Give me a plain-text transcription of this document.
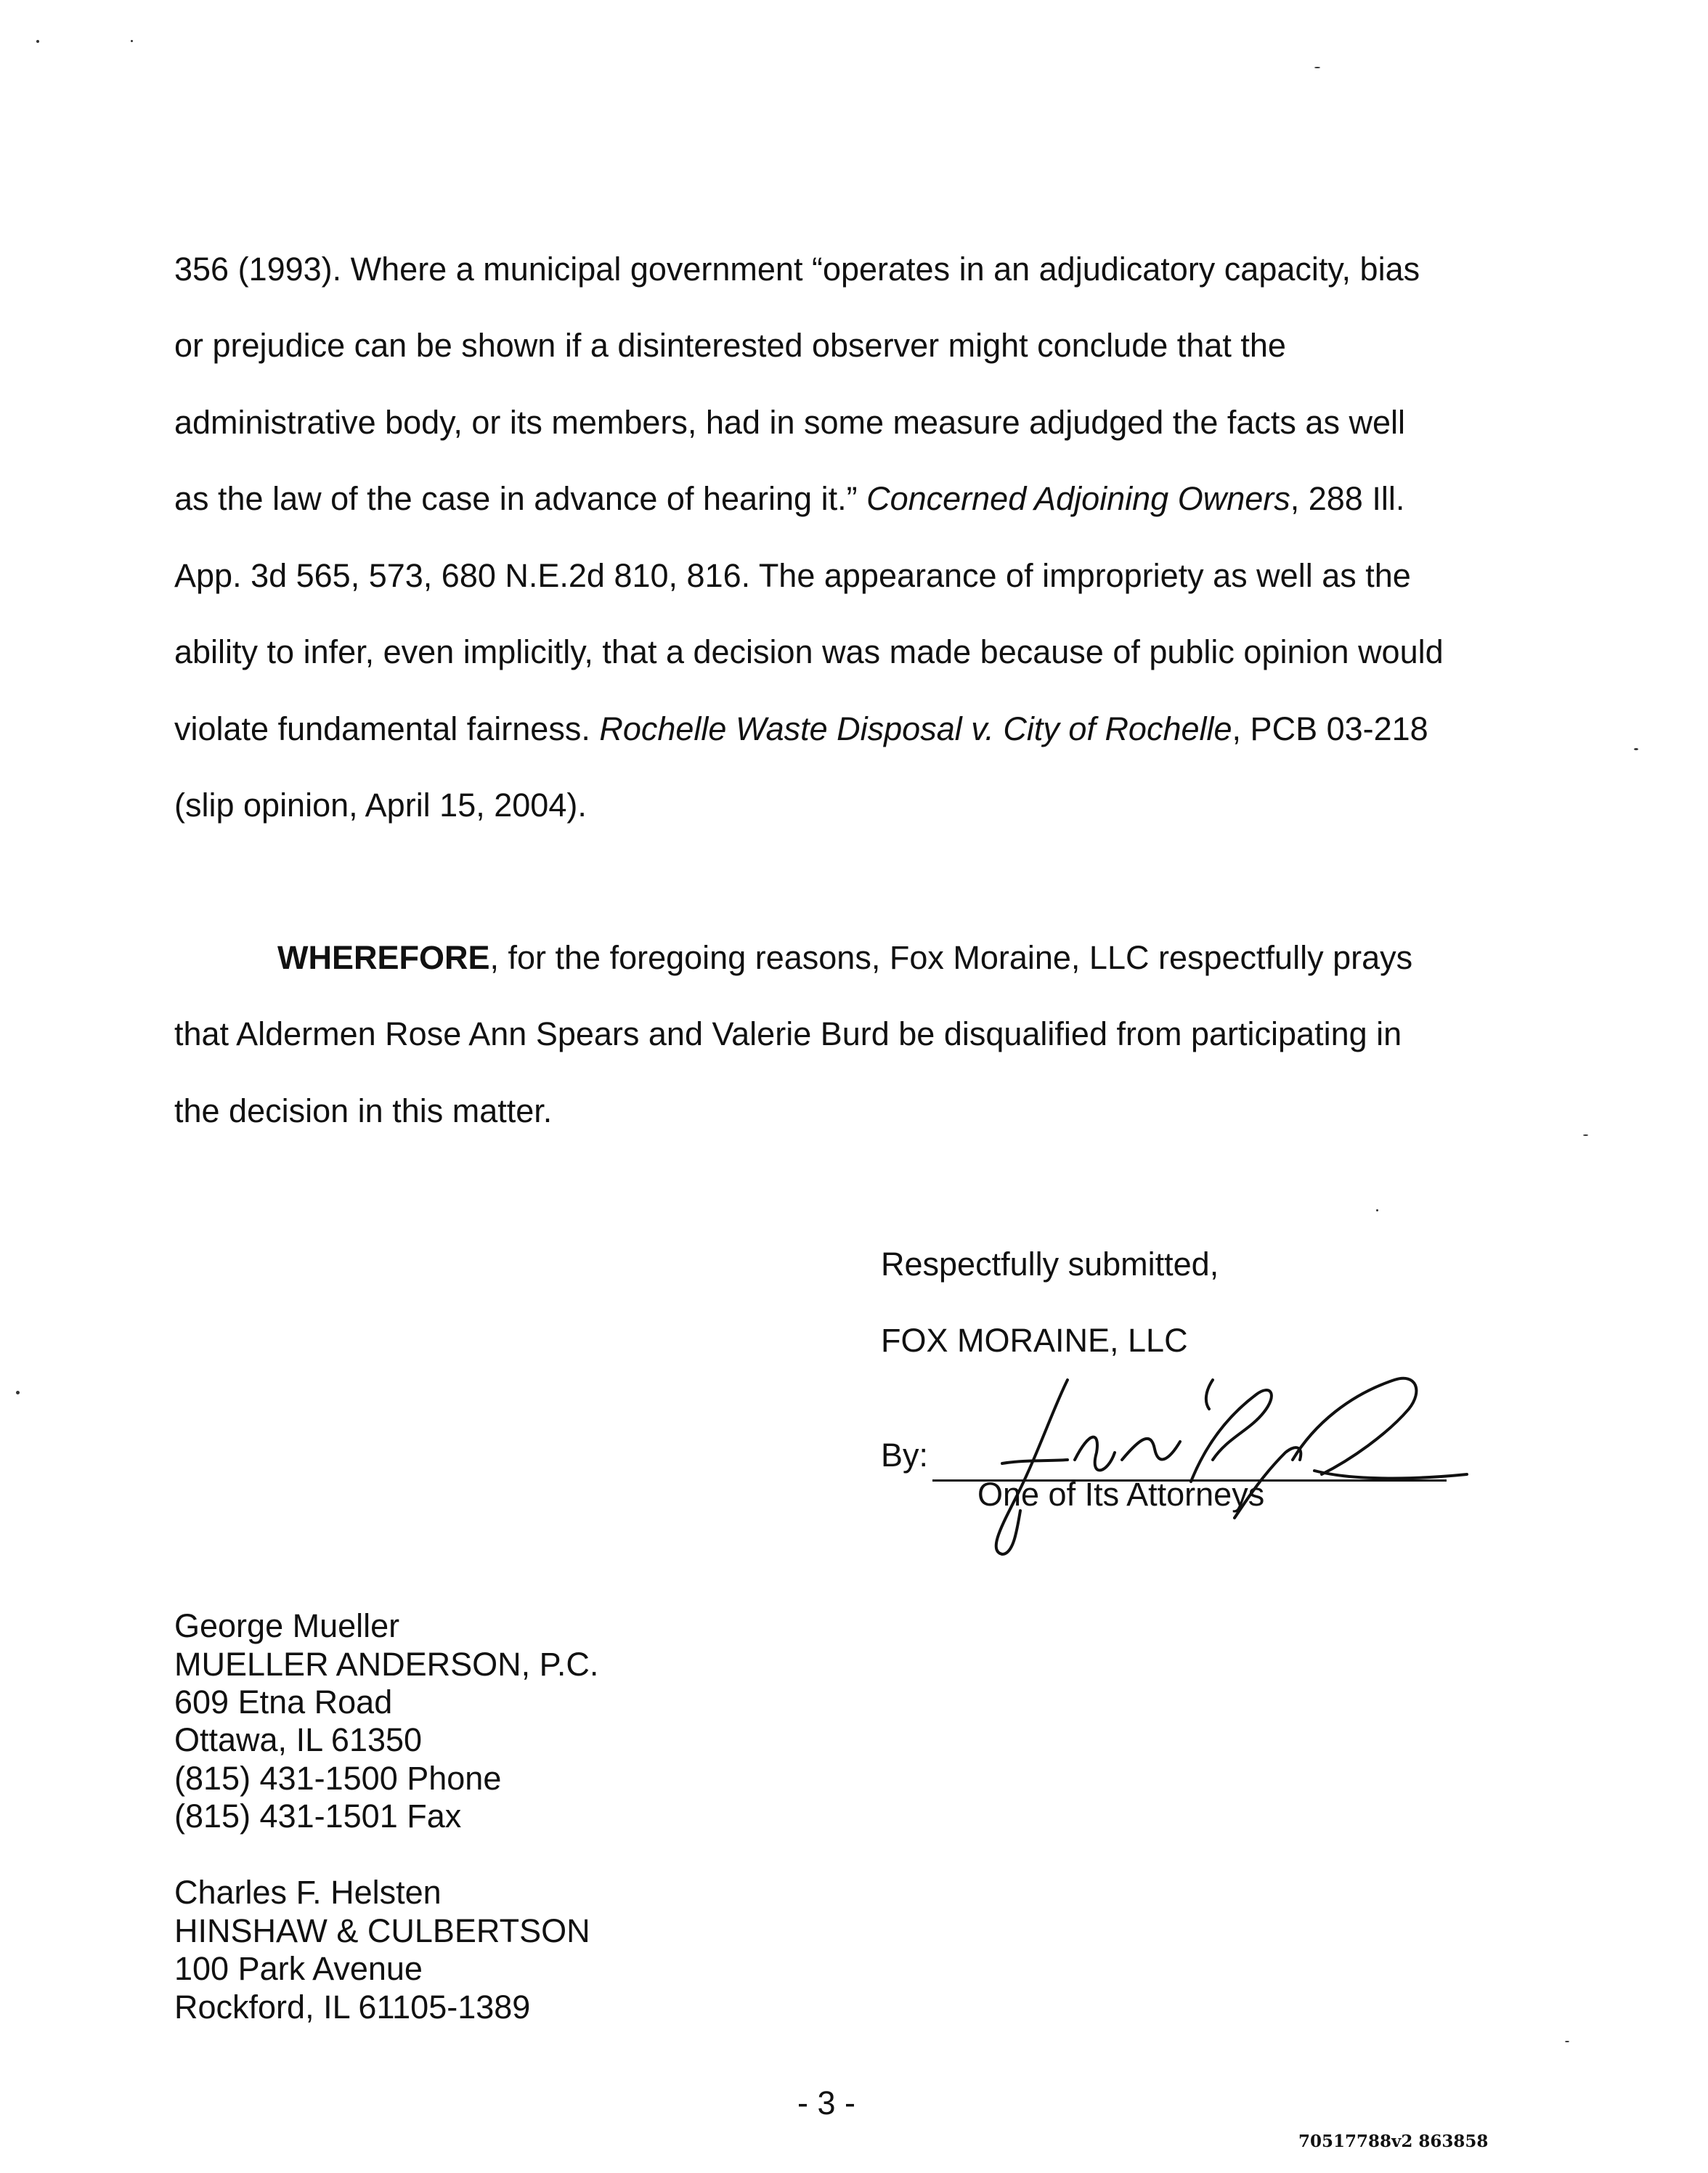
356 (1993). Where a municipal government “operates in an adjudicatory capacity, bias
or prejudice can be shown if a disinterested observer might conclude that the
administrative body, or its members, had in some measure adjudged the facts as well
as the law of the case in advance of hearing it.” Concerned Adjoining Owners, 288 Ill.
App. 3d 565, 573, 680 N.E.2d 810, 816. The appearance of impropriety as well as the
ability to infer, even implicitly, that a decision was made because of public opinion would
violate fundamental fairness. Rochelle Waste Disposal v. City of Rochelle, PCB 03-218
(slip opinion, April 15, 2004).
WHEREFORE, for the foregoing reasons, Fox Moraine, LLC respectfully prays
that Aldermen Rose Ann Spears and Valerie Burd be disqualified from participating in
the decision in this matter.
Respectfully submitted,
FOX MORAINE, LLC
By:
One of Its Attorneys
George Mueller
MUELLER ANDERSON, P.C.
609 Etna Road
Ottawa, IL 61350
(815) 431-1500 Phone
(815) 431-1501 Fax
Charles F. Helsten
HINSHAW & CULBERTSON
100 Park Avenue
Rockford, IL 61105-1389
- 3 -
70517788v2 863858
